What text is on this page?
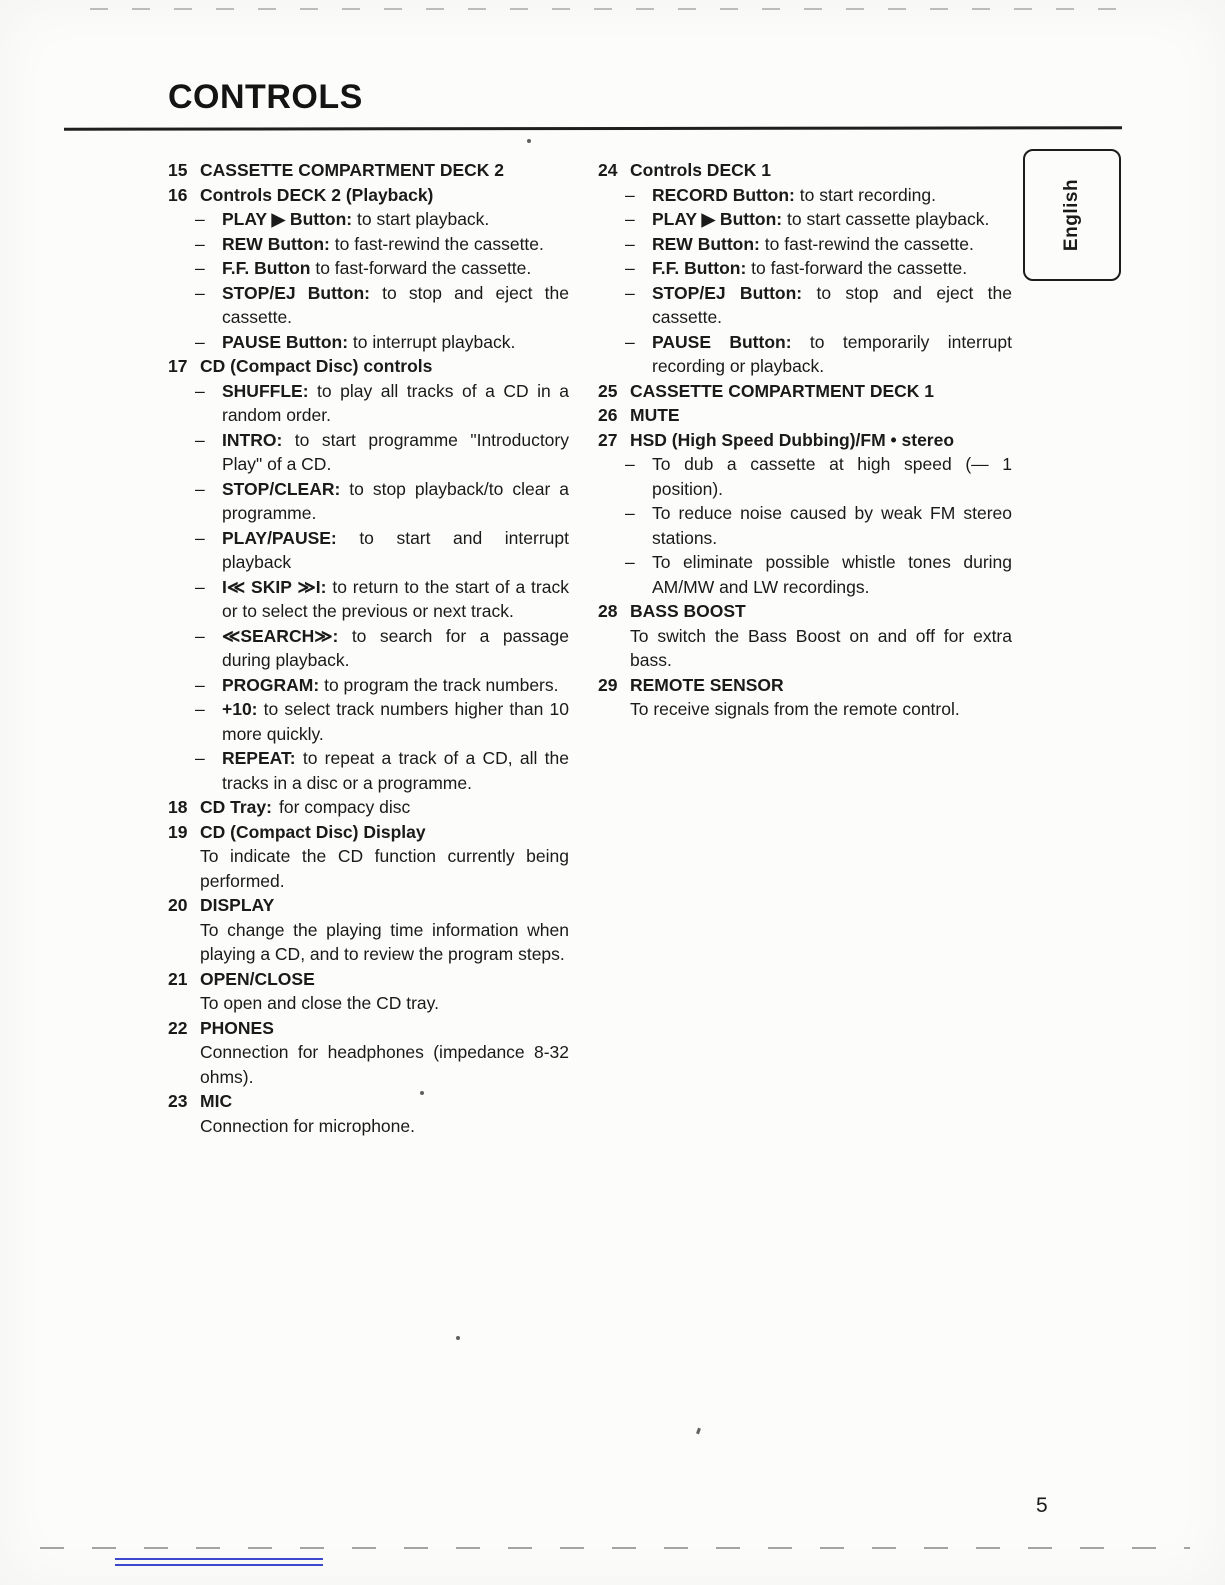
CONTROLS
15 CASSETTE COMPARTMENT DECK 2
16 Controls DECK 2 (Playback)
– PLAY ▶ Button: to start playback.
– REW Button: to fast-rewind the cassette.
– F.F. Button to fast-forward the cassette.
– STOP/EJ Button: to stop and eject the cassette.
– PAUSE Button: to interrupt playback.
17 CD (Compact Disc) controls
– SHUFFLE: to play all tracks of a CD in a random order.
– INTRO: to start programme "Introductory Play" of a CD.
– STOP/CLEAR: to stop playback/to clear a programme.
– PLAY/PAUSE: to start and interrupt playback
– I≪ SKIP ≫I: to return to the start of a track or to select the previous or next track.
– ≪SEARCH≫: to search for a passage during playback.
– PROGRAM: to program the track numbers.
– +10: to select track numbers higher than 10 more quickly.
– REPEAT: to repeat a track of a CD, all the tracks in a disc or a programme.
18 CD Tray: for compacy disc
19 CD (Compact Disc) Display

To indicate the CD function currently being performed.

20 DISPLAY

To change the playing time information when playing a CD, and to review the program steps.

21 OPEN/CLOSE

To open and close the CD tray.

22 PHONES

Connection for headphones (impedance 8-32 ohms).

23 MIC

Connection for microphone.

24 Controls DECK 1
– RECORD Button: to start recording.
– PLAY ▶ Button: to start cassette playback.
– REW Button: to fast-rewind the cassette.
– F.F. Button: to fast-forward the cassette.
– STOP/EJ Button: to stop and eject the cassette.
– PAUSE Button: to temporarily interrupt recording or playback.
25 CASSETTE COMPARTMENT DECK 1
26 MUTE
27 HSD (High Speed Dubbing)/FM • stereo
– To dub a cassette at high speed (— 1 position).
– To reduce noise caused by weak FM stereo stations.
– To eliminate possible whistle tones during AM/MW and LW recordings.
28 BASS BOOST

To switch the Bass Boost on and off for extra bass.

29 REMOTE SENSOR

To receive signals from the remote control.

English
5
